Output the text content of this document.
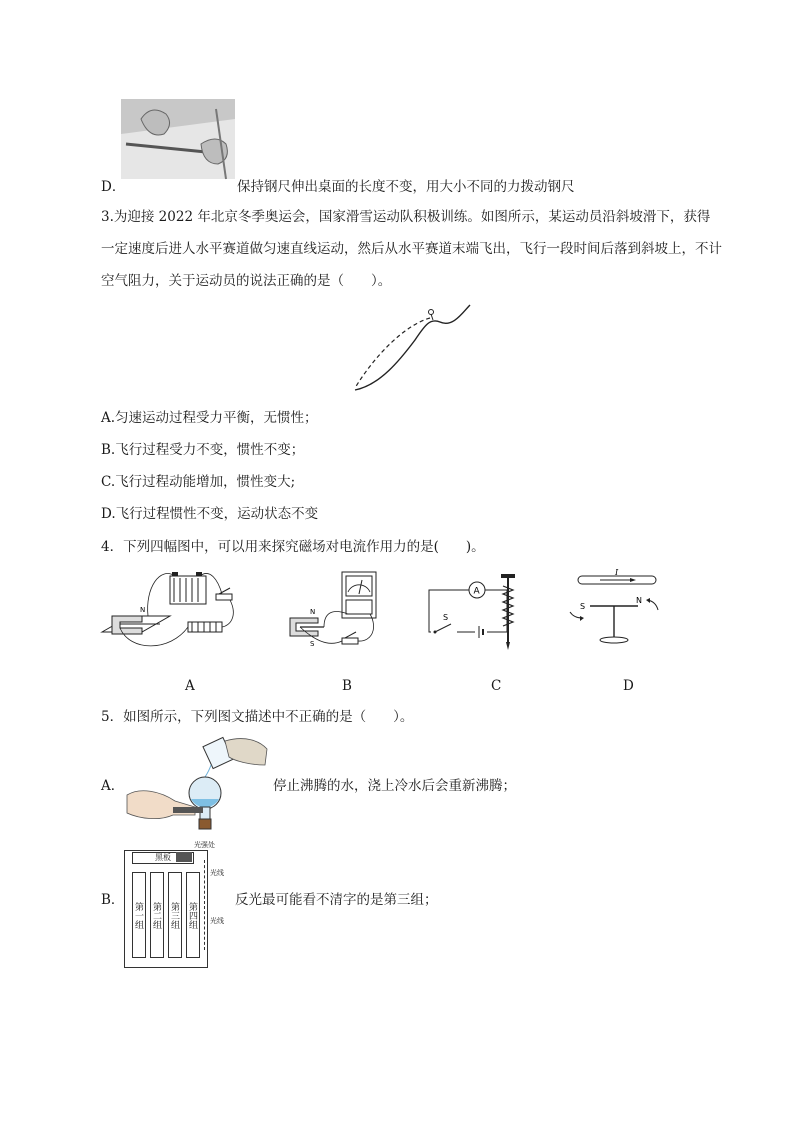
D．	保持钢尺伸出桌面的长度不变，用大小不同的力拨动钢尺
3.为迎接 2022 年北京冬季奥运会，国家滑雪运动队积极训练。如图所示，某运动员沿斜坡滑下，获得
一定速度后进人水平赛道做匀速直线运动，然后从水平赛道末端飞出，飞行一段时间后落到斜坡上，不计
空气阻力，关于运动员的说法正确的是（　　）。
A.匀速运动过程受力平衡，无惯性；
B.飞行过程受力不变，惯性不变；
C.飞行过程动能增加，惯性变大;
D.飞行过程惯性不变，运动状态不变
4．下列四幅图中，可以用来探究磁场对电流作用力的是(　　)。
N	N
S
A
S
I
S
N
A	B	C	D
5．如图所示，下列图文描述中不正确的是（　　）。
A．	停止沸腾的水，浇上冷水后会重新沸腾；
黑板
光强处
光线
光线
第一组 第二组 第三组 第四组
B．	反光最可能看不清字的是第三组；
